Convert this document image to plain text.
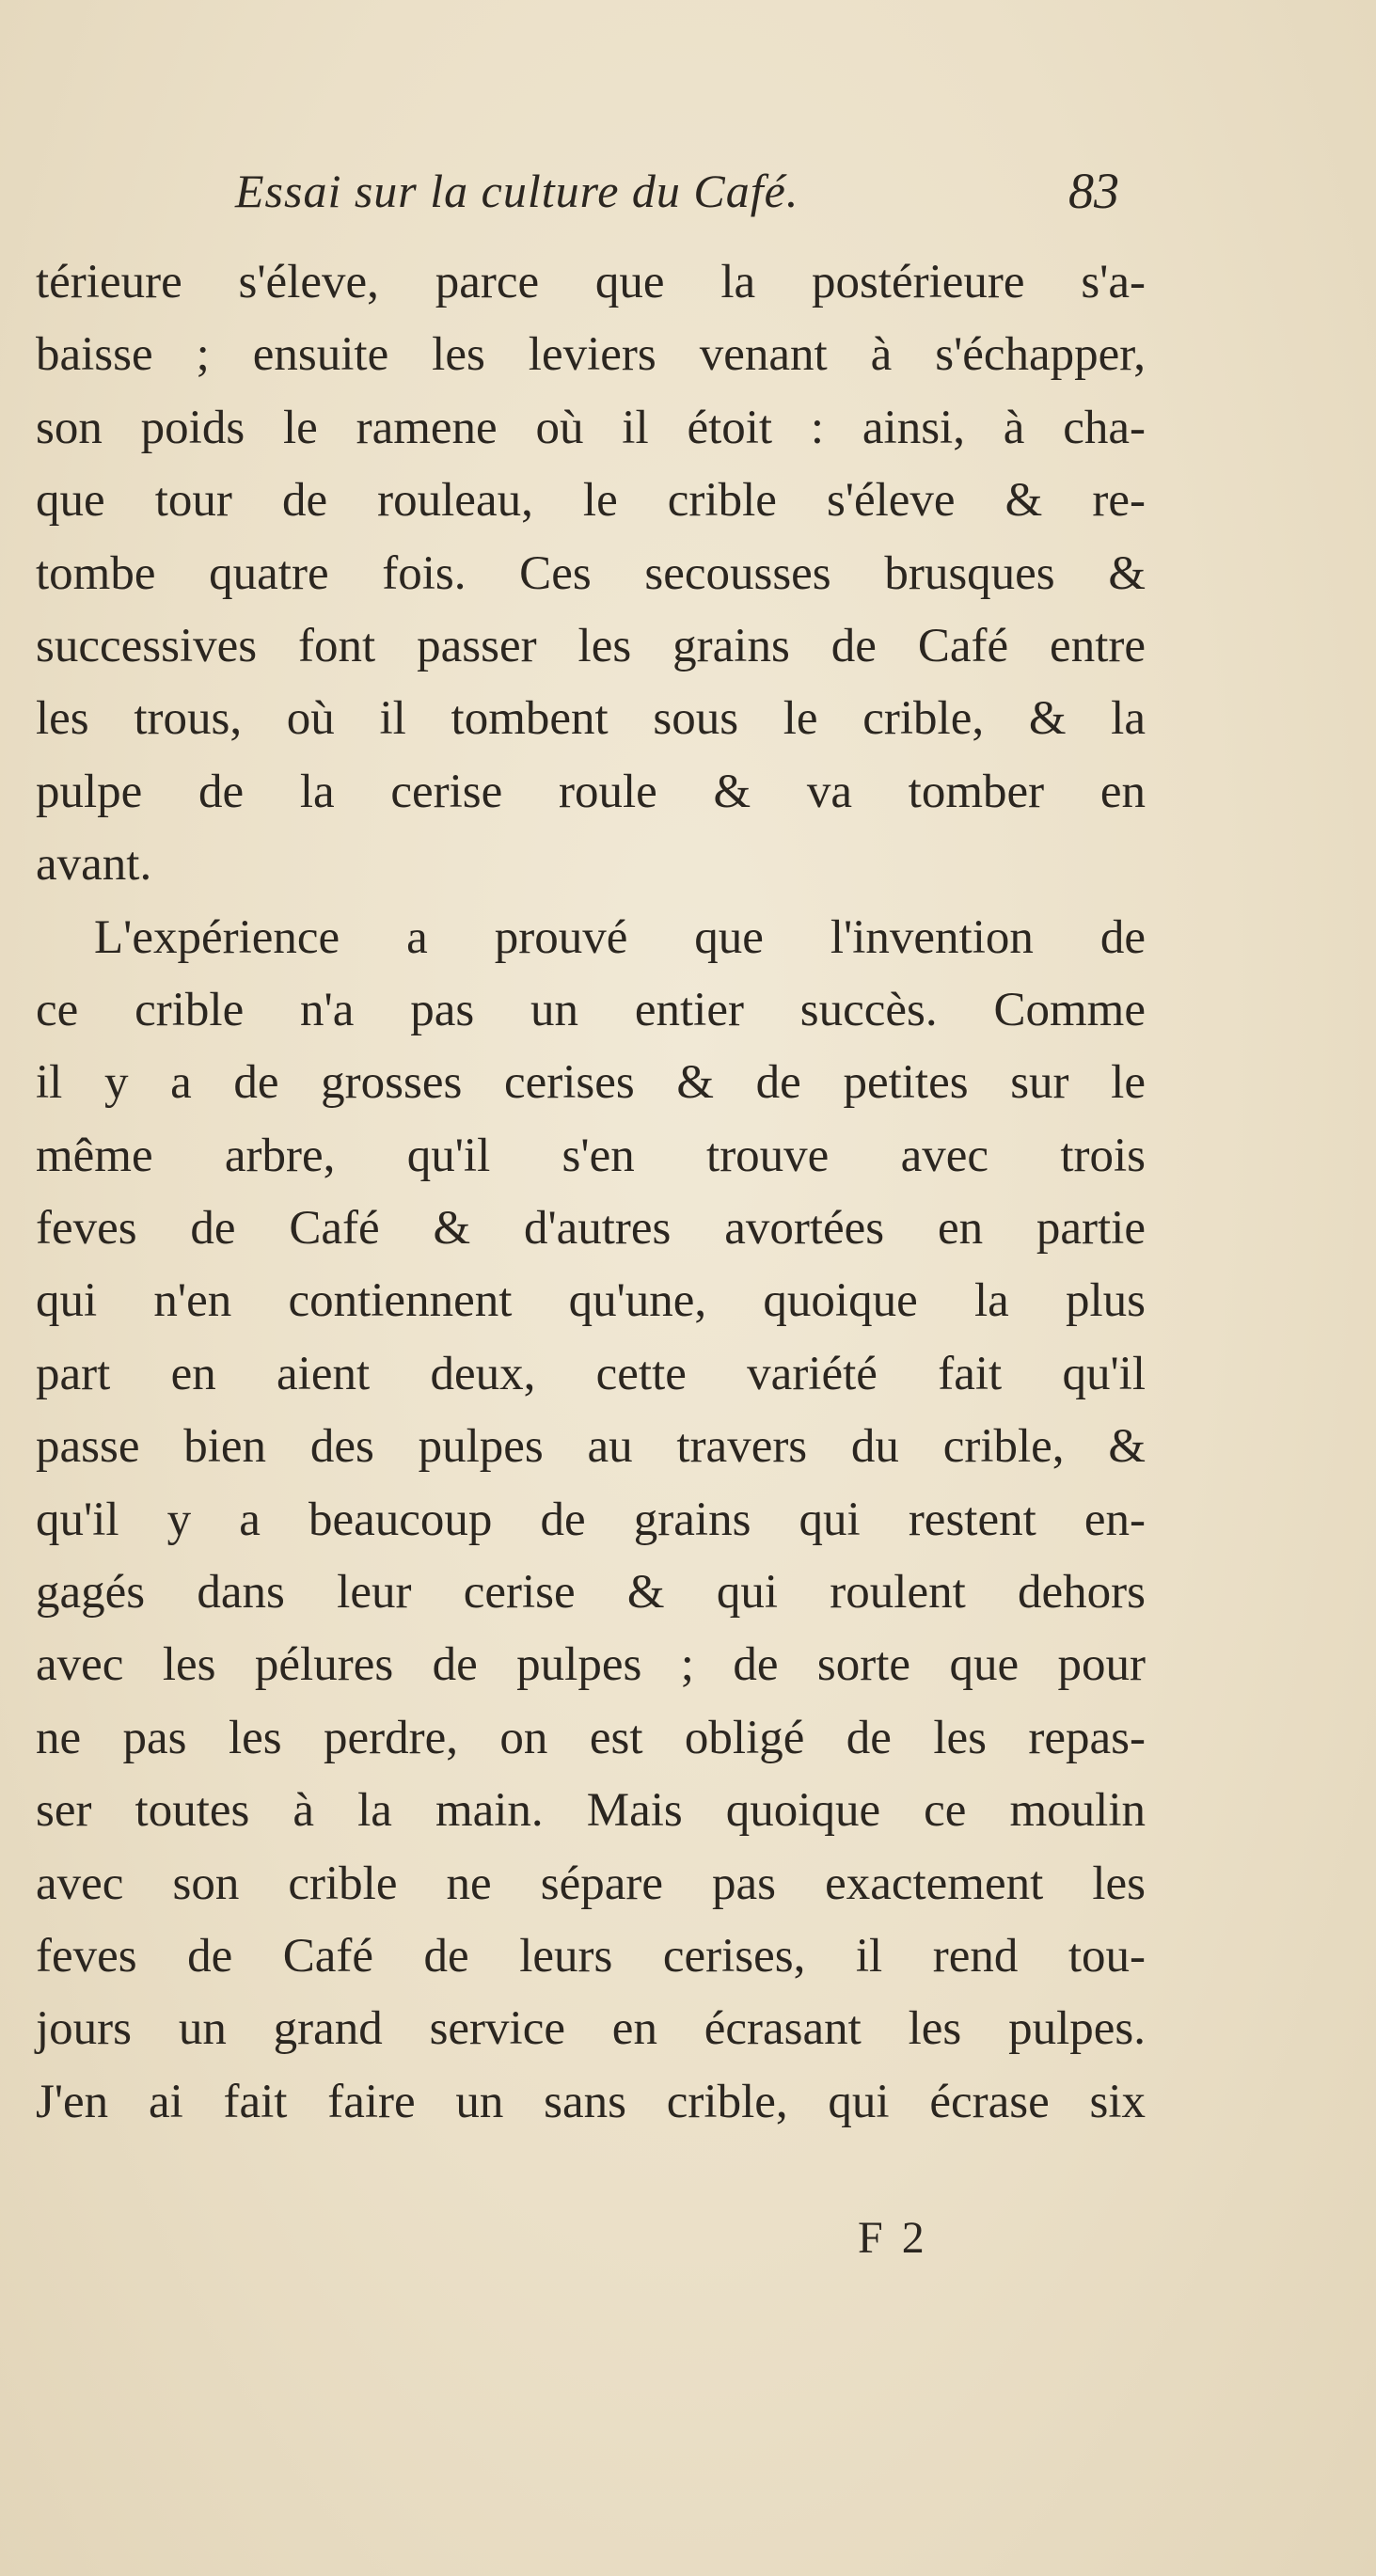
Essai sur la culture du Café.	83
térieure s'éleve, parce que la postérieure s'a-
baisse ; ensuite les leviers venant à s'échapper,
son poids le ramene où il étoit : ainsi, à cha-
que tour de rouleau, le crible s'éleve & re-
tombe quatre fois. Ces secousses brusques &
successives font passer les grains de Café entre
les trous, où il tombent sous le crible, & la
pulpe de la cerise roule & va tomber en
avant.
L'expérience a prouvé que l'invention de
ce crible n'a pas un entier succès. Comme
il y a de grosses cerises & de petites sur le
même arbre, qu'il s'en trouve avec trois
feves de Café & d'autres avortées en partie
qui n'en contiennent qu'une, quoique la plus
part en aient deux, cette variété fait qu'il
passe bien des pulpes au travers du crible, &
qu'il y a beaucoup de grains qui restent en-
gagés dans leur cerise & qui roulent dehors
avec les pélures de pulpes ; de sorte que pour
ne pas les perdre, on est obligé de les repas-
ser toutes à la main. Mais quoique ce moulin
avec son crible ne sépare pas exactement les
feves de Café de leurs cerises, il rend tou-
jours un grand service en écrasant les pulpes.
J'en ai fait faire un sans crible, qui écrase six
F 2
